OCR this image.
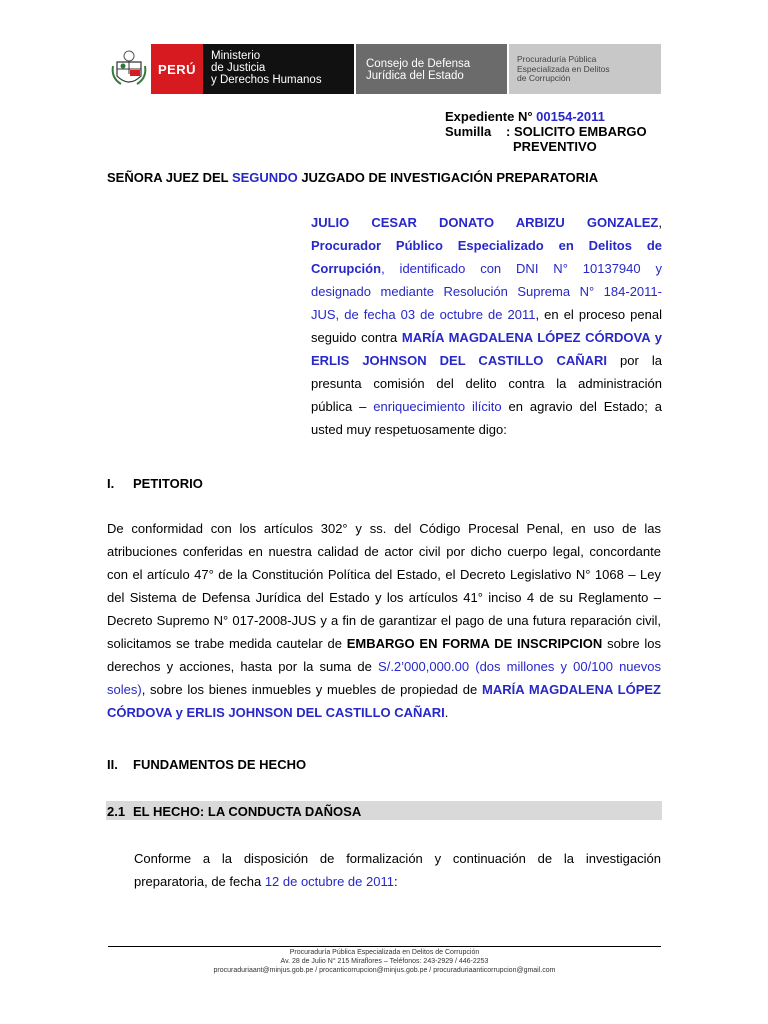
PERÚ
Ministerio
de Justicia
y Derechos Humanos
Consejo de Defensa
Jurídica del Estado
Procuraduría Pública
Especializada en Delitos
de Corrupción
Expediente N° 00154-2011
Sumilla : SOLICITO EMBARGO
PREVENTIVO
SEÑORA JUEZ DEL SEGUNDO JUZGADO DE INVESTIGACIÓN PREPARATORIA
JULIO CESAR DONATO ARBIZU GONZALEZ,
Procurador Público Especializado en Delitos de
Corrupción, identificado con DNI N° 10137940 y
designado mediante Resolución Suprema N° 184-2011-
JUS, de fecha 03 de octubre de 2011, en el proceso penal
seguido contra MARÍA MAGDALENA LÓPEZ CÓRDOVA y
ERLIS JOHNSON DEL CASTILLO CAÑARI por la
presunta comisión del delito contra la administración
pública – enriquecimiento ilícito en agravio del Estado; a
usted muy respetuosamente digo:
I. PETITORIO
De conformidad con los artículos 302° y ss. del Código Procesal Penal, en uso de las
atribuciones conferidas en nuestra calidad de actor civil por dicho cuerpo legal, concordante
con el artículo 47° de la Constitución Política del Estado, el Decreto Legislativo N° 1068 – Ley
del Sistema de Defensa Jurídica del Estado y los artículos 41° inciso 4 de su Reglamento –
Decreto Supremo N° 017-2008-JUS y a fin de garantizar el pago de una futura reparación civil,
solicitamos se trabe medida cautelar de EMBARGO EN FORMA DE INSCRIPCION sobre los
derechos y acciones, hasta por la suma de S/.2’000,000.00 (dos millones y 00/100 nuevos
soles), sobre los bienes inmuebles y muebles de propiedad de MARÍA MAGDALENA LÓPEZ
CÓRDOVA y ERLIS JOHNSON DEL CASTILLO CAÑARI.
II. FUNDAMENTOS DE HECHO
2.1 EL HECHO: LA CONDUCTA DAÑOSA
Conforme a la disposición de formalización y continuación de la investigación
preparatoria, de fecha 12 de octubre de 2011:
Procuraduría Pública Especializada en Delitos de Corrupción
Av. 28 de Julio N° 215 Miraflores – Teléfonos: 243-2929 / 446-2253
procuraduriaant@minjus.gob.pe / procanticorrupcion@minjus.gob.pe / procuraduriaanticorrupcion@gmail.com
